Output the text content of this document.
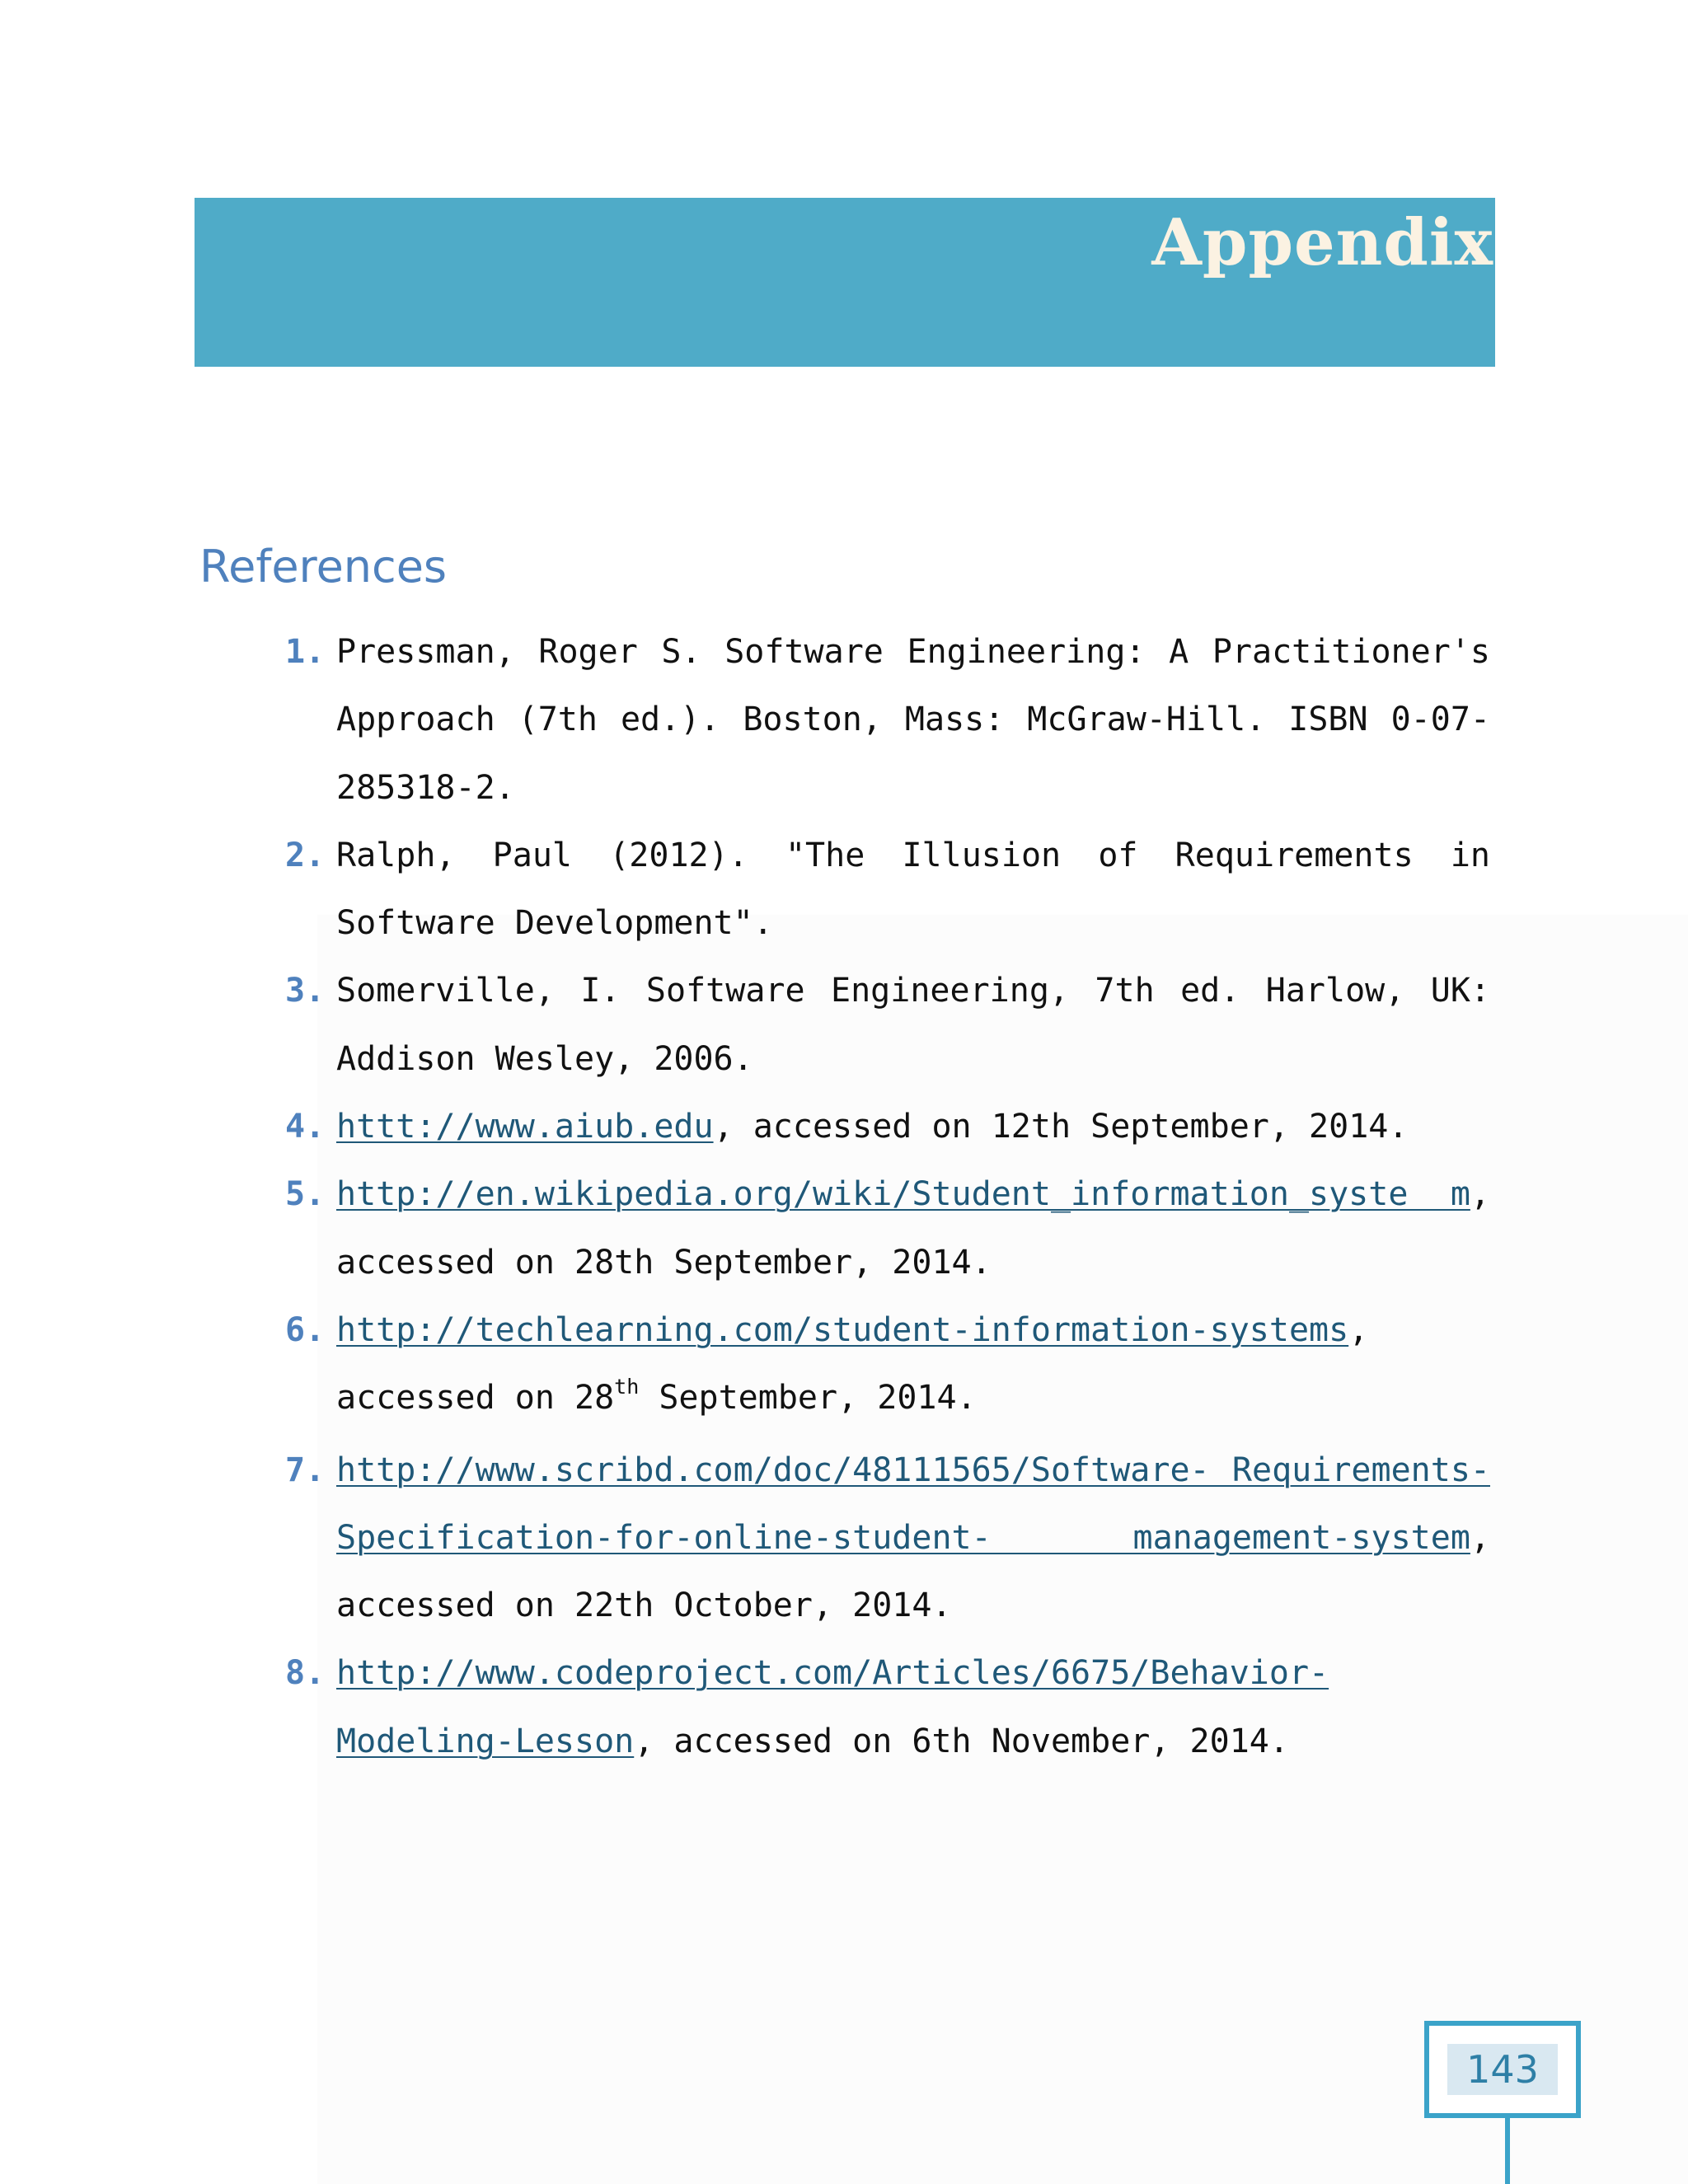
Appendix
References
1. Pressman, Roger S. Software Engineering: A Practitioner's Approach (7th ed.). Boston, Mass: McGraw-Hill. ISBN 0-07-285318-2.
2. Ralph, Paul (2012). "The Illusion of Requirements in Software Development".
3. Somerville, I. Software Engineering, 7th ed. Harlow, UK: Addison Wesley, 2006.
4. httt://www.aiub.edu, accessed on 12th September, 2014.
5. http://en.wikipedia.org/wiki/Student_information_syste m, accessed on 28th September, 2014.
6. http://techlearning.com/student-information-systems, accessed on 28th September, 2014.
7. http://www.scribd.com/doc/48111565/Software- Requirements-Specification-for-online-student- management-system, accessed on 22th October, 2014.
8. http://www.codeproject.com/Articles/6675/Behavior- Modeling-Lesson, accessed on 6th November, 2014.
143
